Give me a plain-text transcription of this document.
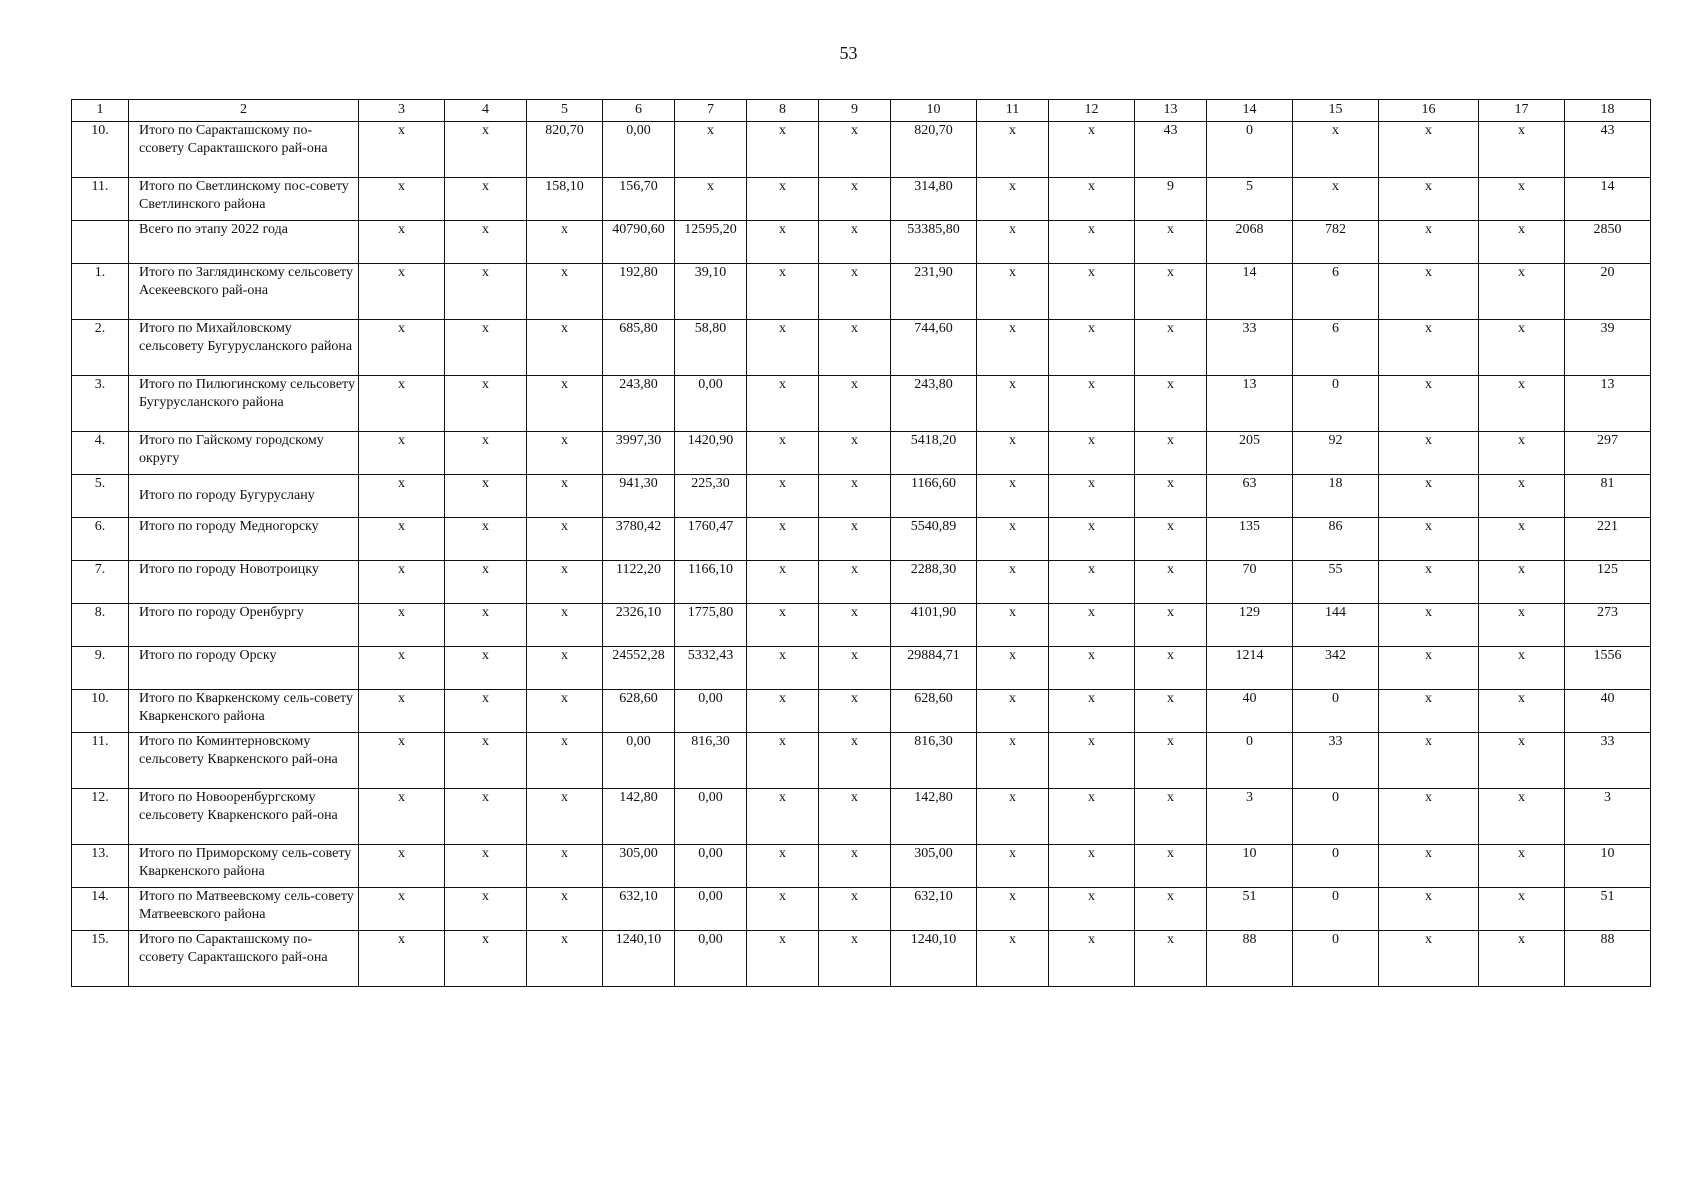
53
1	2	3	4	5	6	7	8	9	10	11	12	13	14	15	16	17	18
10.	Итого по Саракташскому по-ссовету Саракташского рай-она	х	х	820,70	0,00	х	х	х	820,70	х	х	43	0	х	х	х	43
11.	Итого по Светлинскому пос-совету Светлинского района	х	х	158,10	156,70	х	х	х	314,80	х	х	9	5	х	х	х	14
	Всего по этапу 2022 года	х	х	х	40790,60	12595,20	х	х	53385,80	х	х	х	2068	782	х	х	2850
1.	Итого по Заглядинскому сельсовету Асекеевского рай-она	х	х	х	192,80	39,10	х	х	231,90	х	х	х	14	6	х	х	20
2.	Итого по Михайловскому сельсовету Бугурусланского района	х	х	х	685,80	58,80	х	х	744,60	х	х	х	33	6	х	х	39
3.	Итого по Пилюгинскому сельсовету Бугурусланского района	х	х	х	243,80	0,00	х	х	243,80	х	х	х	13	0	х	х	13
4.	Итого по Гайскому городскому округу	х	х	х	3997,30	1420,90	х	х	5418,20	х	х	х	205	92	х	х	297
5.	Итого по городу Бугуруслану	х	х	х	941,30	225,30	х	х	1166,60	х	х	х	63	18	х	х	81
6.	Итого по городу Медногорску	х	х	х	3780,42	1760,47	х	х	5540,89	х	х	х	135	86	х	х	221
7.	Итого по городу Новотроицку	х	х	х	1122,20	1166,10	х	х	2288,30	х	х	х	70	55	х	х	125
8.	Итого по городу Оренбургу	х	х	х	2326,10	1775,80	х	х	4101,90	х	х	х	129	144	х	х	273
9.	Итого по городу Орску	х	х	х	24552,28	5332,43	х	х	29884,71	х	х	х	1214	342	х	х	1556
10.	Итого по Кваркенскому сель-совету Кваркенского района	х	х	х	628,60	0,00	х	х	628,60	х	х	х	40	0	х	х	40
11.	Итого по Коминтерновскому сельсовету Кваркенского рай-она	х	х	х	0,00	816,30	х	х	816,30	х	х	х	0	33	х	х	33
12.	Итого по Новооренбургскому сельсовету Кваркенского рай-она	х	х	х	142,80	0,00	х	х	142,80	х	х	х	3	0	х	х	3
13.	Итого по Приморскому сель-совету Кваркенского района	х	х	х	305,00	0,00	х	х	305,00	х	х	х	10	0	х	х	10
14.	Итого по Матвеевскому сель-совету Матвеевского района	х	х	х	632,10	0,00	х	х	632,10	х	х	х	51	0	х	х	51
15.	Итого по Саракташскому по-ссовету Саракташского рай-она	х	х	х	1240,10	0,00	х	х	1240,10	х	х	х	88	0	х	х	88
